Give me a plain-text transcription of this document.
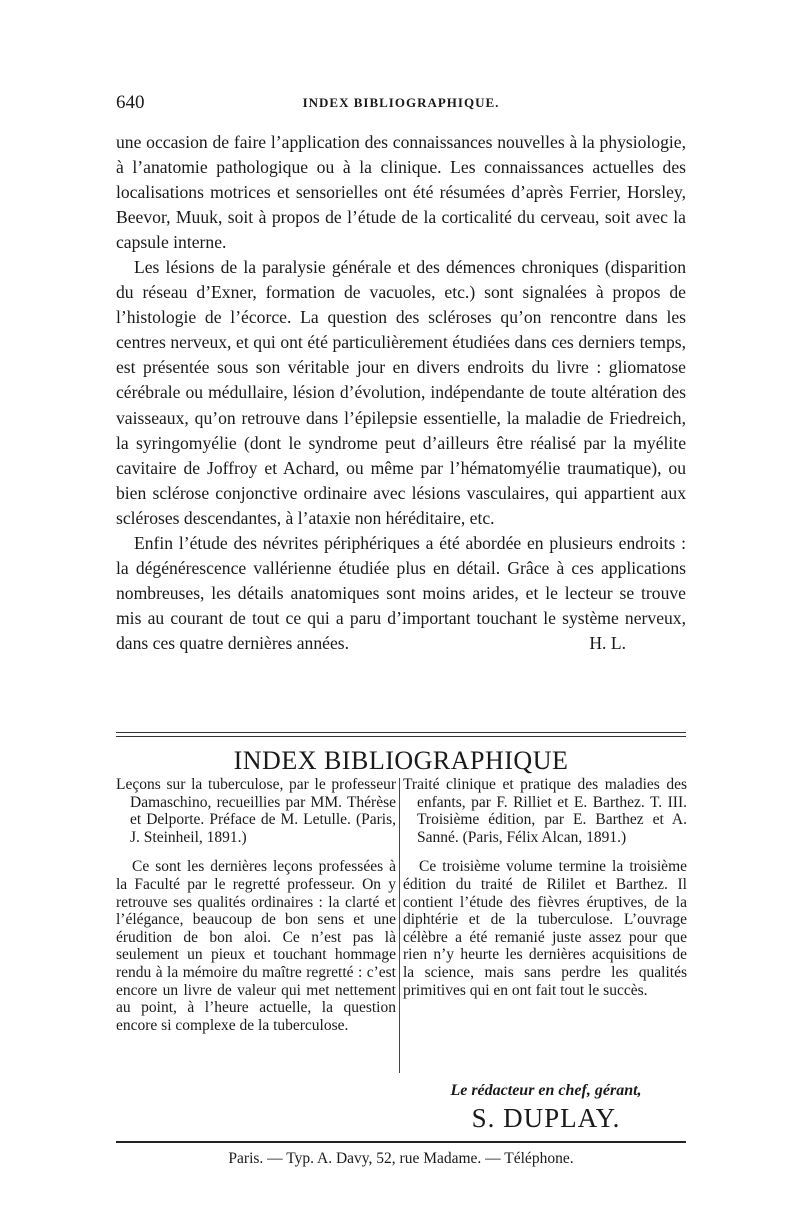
640	INDEX BIBLIOGRAPHIQUE.

une occasion de faire l’application des connaissances nouvelles à la physiologie, à l’anatomie pathologique ou à la clinique. Les connaissances actuelles des localisations motrices et sensorielles ont été résumées d’après Ferrier, Horsley, Beevor, Muuk, soit à propos de l’étude de la corticalité du cerveau, soit avec la capsule interne.

Les lésions de la paralysie générale et des démences chroniques (disparition du réseau d’Exner, formation de vacuoles, etc.) sont signalées à propos de l’histologie de l’écorce. La question des scléroses qu’on rencontre dans les centres nerveux, et qui ont été particulièrement étudiées dans ces derniers temps, est présentée sous son véritable jour en divers endroits du livre : gliomatose cérébrale ou médullaire, lésion d’évolution, indépendante de toute altération des vaisseaux, qu’on retrouve dans l’épilepsie essentielle, la maladie de Friedreich, la syringomyélie (dont le syndrome peut d’ailleurs être réalisé par la myélite cavitaire de Joffroy et Achard, ou même par l’hématomyélie traumatique), ou bien sclérose conjonctive ordinaire avec lésions vasculaires, qui appartient aux scléroses descendantes, à l’ataxie non héréditaire, etc.

Enfin l’étude des névrites périphériques a été abordée en plusieurs endroits : la dégénérescence vallérienne étudiée plus en détail. Grâce à ces applications nombreuses, les détails anatomiques sont moins arides, et le lecteur se trouve mis au courant de tout ce qui a paru d’important touchant le système nerveux, dans ces quatre dernières années.	H. L.

INDEX BIBLIOGRAPHIQUE

Leçons sur la tuberculose, par le professeur Damaschino, recueillies par MM. Thérèse et Delporte. Préface de M. Letulle. (Paris, J. Steinheil, 1891.)

Ce sont les dernières leçons professées à la Faculté par le regretté professeur. On y retrouve ses qualités ordinaires : la clarté et l’élégance, beaucoup de bon sens et une érudition de bon aloi. Ce n’est pas là seulement un pieux et touchant hommage rendu à la mémoire du maître regretté : c’est encore un livre de valeur qui met nettement au point, à l’heure actuelle, la question encore si complexe de la tuberculose.

Traité clinique et pratique des maladies des enfants, par F. Rilliet et E. Barthez. T. III. Troisième édition, par E. Barthez et A. Sanné. (Paris, Félix Alcan, 1891.)

Ce troisième volume termine la troisième édition du traité de Rililet et Barthez. Il contient l’étude des fièvres éruptives, de la diphtérie et de la tuberculose. L’ouvrage célèbre a été remanié juste assez pour que rien n’y heurte les dernières acquisitions de la science, mais sans perdre les qualités primitives qui en ont fait tout le succès.

Le rédacteur en chef, gérant,
S. DUPLAY.
Paris. — Typ. A. Davy, 52, rue Madame. — Téléphone.
